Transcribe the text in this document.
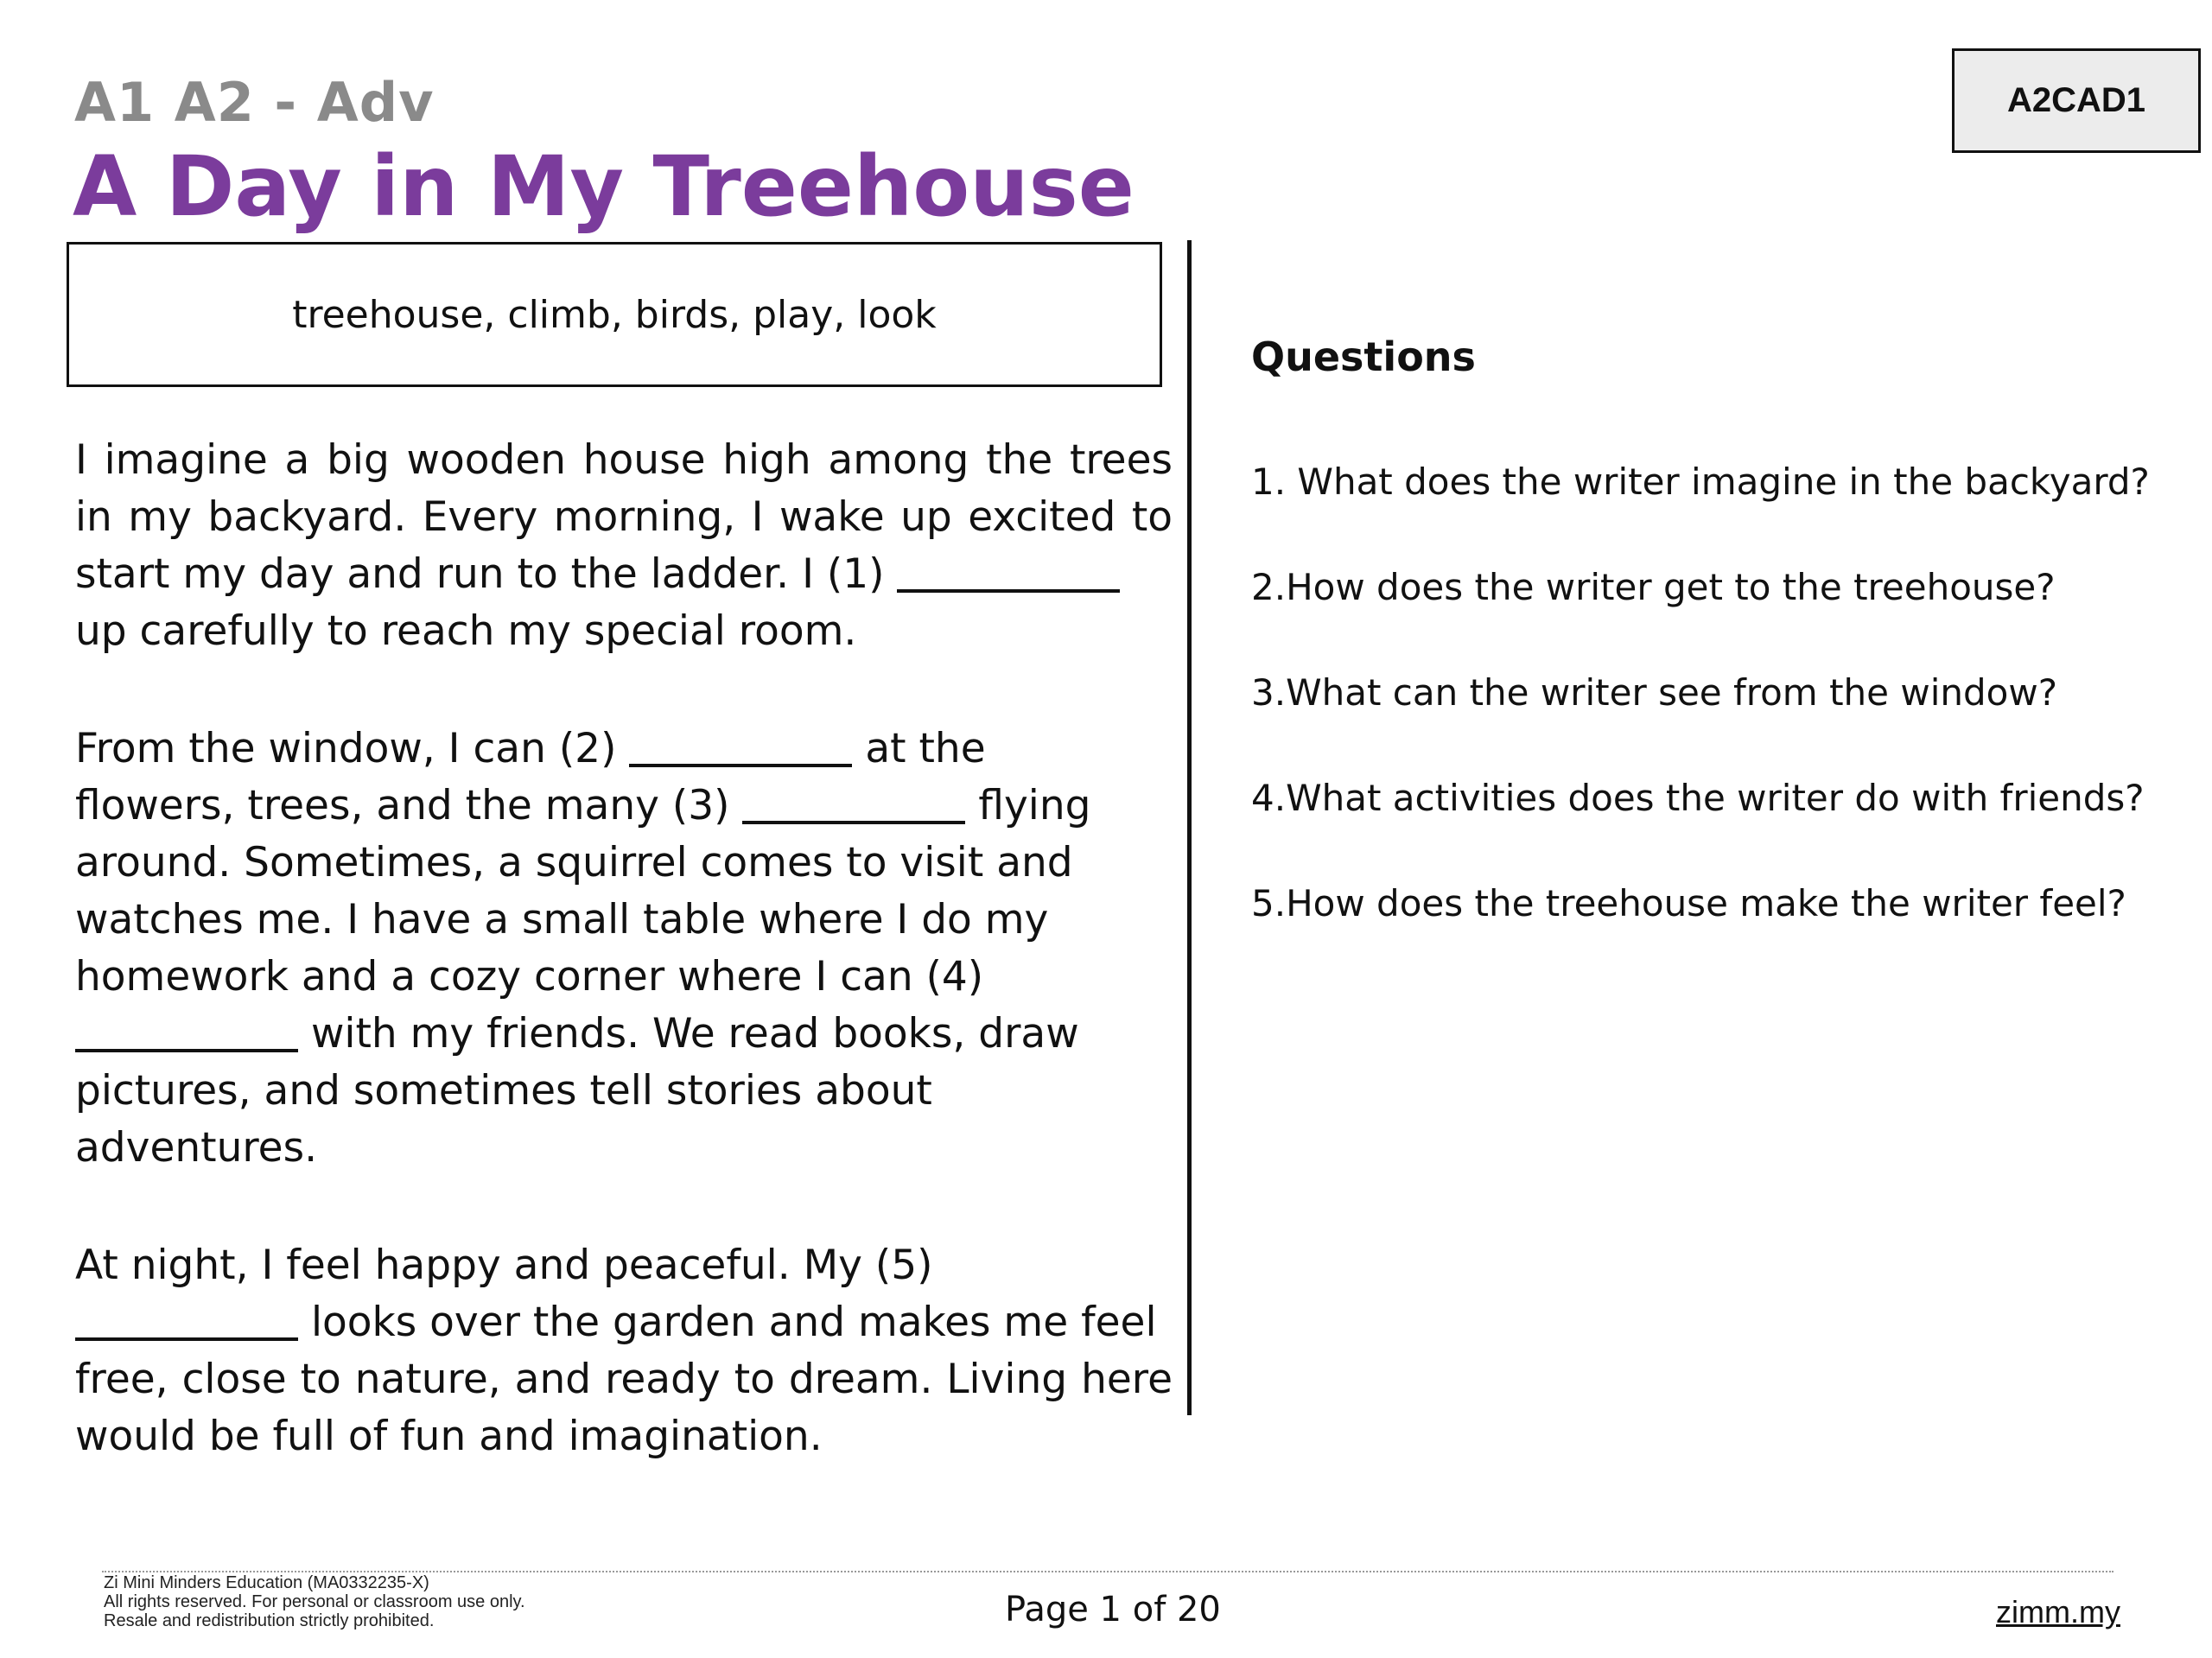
A1 A2 - Adv
A Day in My Treehouse
A2CAD1
treehouse, climb, birds, play, look

I imagine a big wooden house high among the trees
in my backyard. Every morning, I wake up excited to
start my day and run to the ladder. I (1)
up carefully to reach my special room.

From the window, I can (2)	at the
flowers, trees, and the many (3)	flying
around. Sometimes, a squirrel comes to visit and
watches me. I have a small table where I do my
homework and a cozy corner where I can (4)
with my friends. We read books, draw
pictures, and sometimes tell stories about
adventures.

At night, I feel happy and peaceful. My (5)
looks over the garden and makes me feel
free, close to nature, and ready to dream. Living here
would be full of fun and imagination.

Questions
1. What does the writer imagine in the backyard?
2.How does the writer get to the treehouse?
3.What can the writer see from the window?
4.What activities does the writer do with friends?
5.How does the treehouse make the writer feel?
Zi Mini Minders Education (MA0332235-X)
All rights reserved. For personal or classroom use only.
Resale and redistribution strictly prohibited.	Page 1 of 20	zimm.my
